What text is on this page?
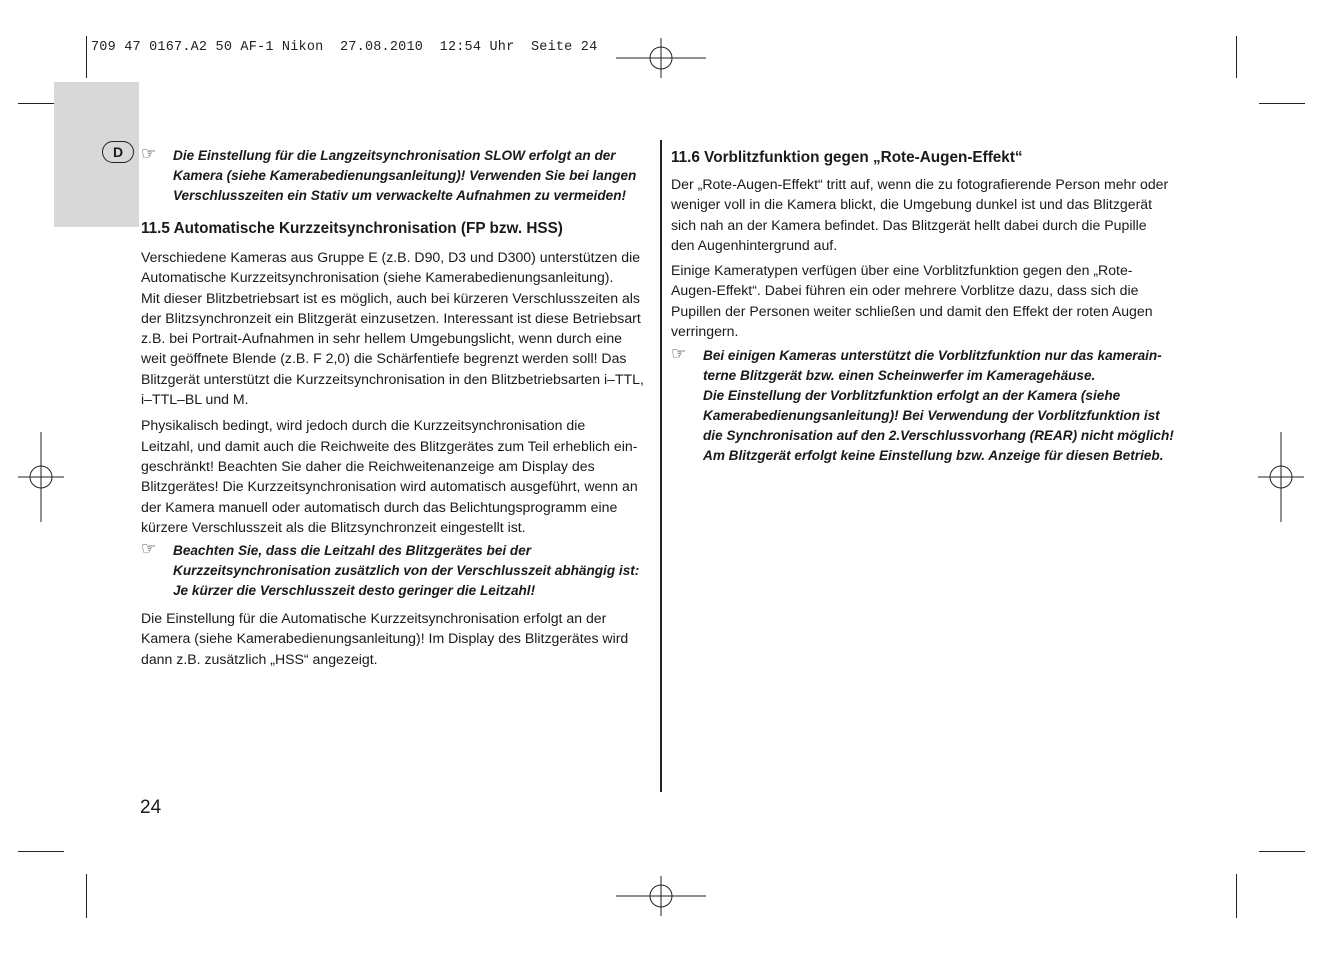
709 47 0167.A2 50 AF-1 Nikon  27.08.2010  12:54 Uhr  Seite 24
D	☞ Die Einstellung für die Langzeitsynchronisation SLOW erfolgt an der
Kamera (siehe Kamerabedienungsanleitung)! Verwenden Sie bei langen
Verschlusszeiten ein Stativ um verwackelte Aufnahmen zu vermeiden!
11.5 Automatische Kurzzeitsynchronisation (FP bzw. HSS)
Verschiedene Kameras aus Gruppe E (z.B. D90, D3 und D300) unterstützen die
Automatische Kurzzeitsynchronisation (siehe Kamerabedienungsanleitung).
Mit dieser Blitzbetriebsart ist es möglich, auch bei kürzeren Verschlusszeiten als
der Blitzsynchronzeit ein Blitzgerät einzusetzen. Interessant ist diese Betriebsart
z.B. bei Portrait-Aufnahmen in sehr hellem Umgebungslicht, wenn durch eine
weit geöffnete Blende (z.B. F 2,0) die Schärfentiefe begrenzt werden soll! Das
Blitzgerät unterstützt die Kurzzeitsynchronisation in den Blitzbetriebsarten i–TTL,
i–TTL–BL und M.
Physikalisch bedingt, wird jedoch durch die Kurzzeitsynchronisation die
Leitzahl, und damit auch die Reichweite des Blitzgerätes zum Teil erheblich ein-
geschränkt! Beachten Sie daher die Reichweitenanzeige am Display des
Blitzgerätes! Die Kurzzeitsynchronisation wird automatisch ausgeführt, wenn an
der Kamera manuell oder automatisch durch das Belichtungsprogramm eine
kürzere Verschlusszeit als die Blitzsynchronzeit eingestellt ist.
☞ Beachten Sie, dass die Leitzahl des Blitzgerätes bei der
Kurzzeitsynchronisation zusätzlich von der Verschlusszeit abhängig ist:
Je kürzer die Verschlusszeit desto geringer die Leitzahl!
Die Einstellung für die Automatische Kurzzeitsynchronisation erfolgt an der
Kamera (siehe Kamerabedienungsanleitung)! Im Display des Blitzgerätes wird
dann z.B. zusätzlich „HSS“ angezeigt.
11.6 Vorblitzfunktion gegen „Rote-Augen-Effekt“
Der „Rote-Augen-Effekt“ tritt auf, wenn die zu fotografierende Person mehr oder
weniger voll in die Kamera blickt, die Umgebung dunkel ist und das Blitzgerät
sich nah an der Kamera befindet. Das Blitzgerät hellt dabei durch die Pupille
den Augenhintergrund auf.
Einige Kameratypen verfügen über eine Vorblitzfunktion gegen den „Rote-
Augen-Effekt“. Dabei führen ein oder mehrere Vorblitze dazu, dass sich die
Pupillen der Personen weiter schließen und damit den Effekt der roten Augen
verringern.
☞ Bei einigen Kameras unterstützt die Vorblitzfunktion nur das kamerain-
terne Blitzgerät bzw. einen Scheinwerfer im Kameragehäuse.
Die Einstellung der Vorblitzfunktion erfolgt an der Kamera (siehe
Kamerabedienungsanleitung)! Bei Verwendung der Vorblitzfunktion ist
die Synchronisation auf den 2.Verschlussvorhang (REAR) nicht möglich!
Am Blitzgerät erfolgt keine Einstellung bzw. Anzeige für diesen Betrieb.
24
